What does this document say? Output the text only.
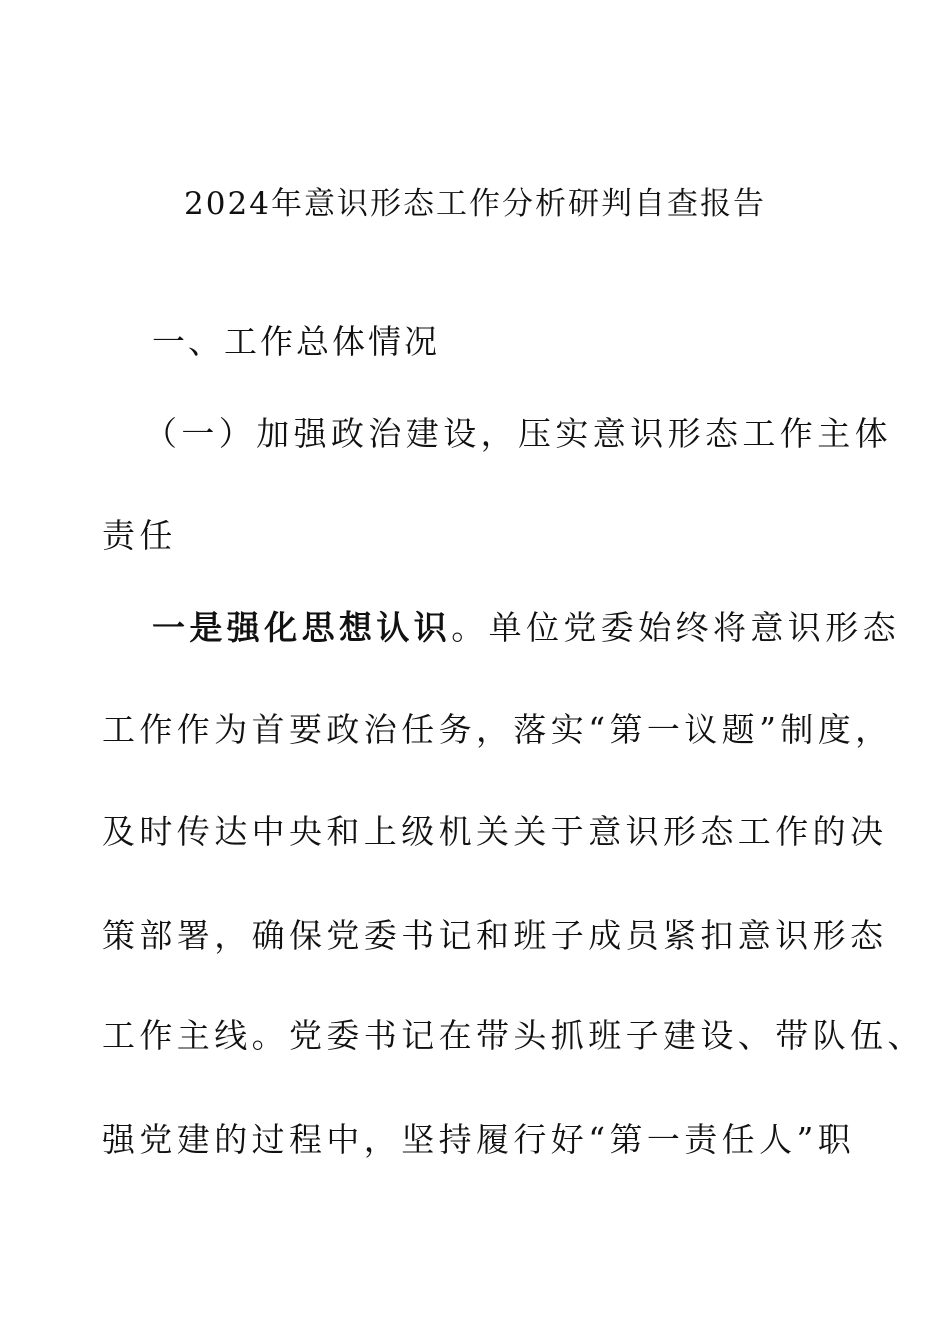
2024年意识形态工作分析研判自查报告
一、工作总体情况
（一）加强政治建设，压实意识形态工作主体
责任
一是强化思想认识。单位党委始终将意识形态
工作作为首要政治任务，落实“第一议题”制度，
及时传达中央和上级机关关于意识形态工作的决
策部署，确保党委书记和班子成员紧扣意识形态
工作主线。党委书记在带头抓班子建设、带队伍、
强党建的过程中，坚持履行好“第一责任人”职
